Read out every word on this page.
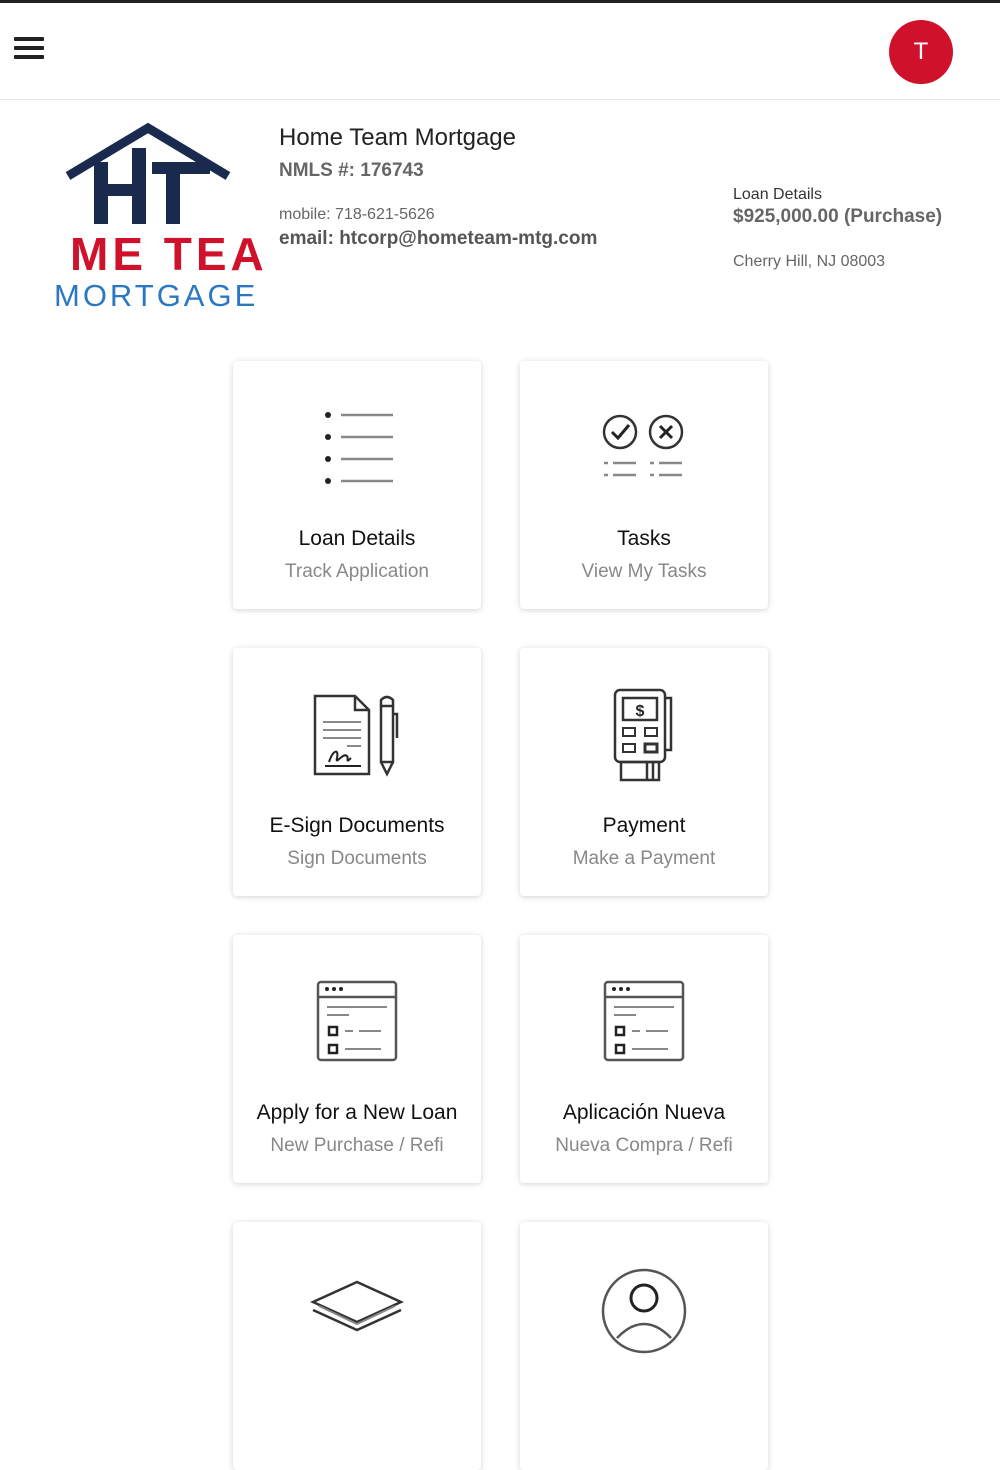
T
ME TEA
MORTGAGE
Home Team Mortgage
NMLS #: 176743
mobile: 718-621-5626
email: htcorp@hometeam-mtg.com
Loan Details
$925,000.00 (Purchase)
Cherry Hill, NJ 08003
Loan Details
Track Application
Tasks
View My Tasks
E-Sign Documents
Sign Documents
$
Payment
Make a Payment
Apply for a New Loan
New Purchase / Refi
Aplicación Nueva
Nueva Compra / Refi
